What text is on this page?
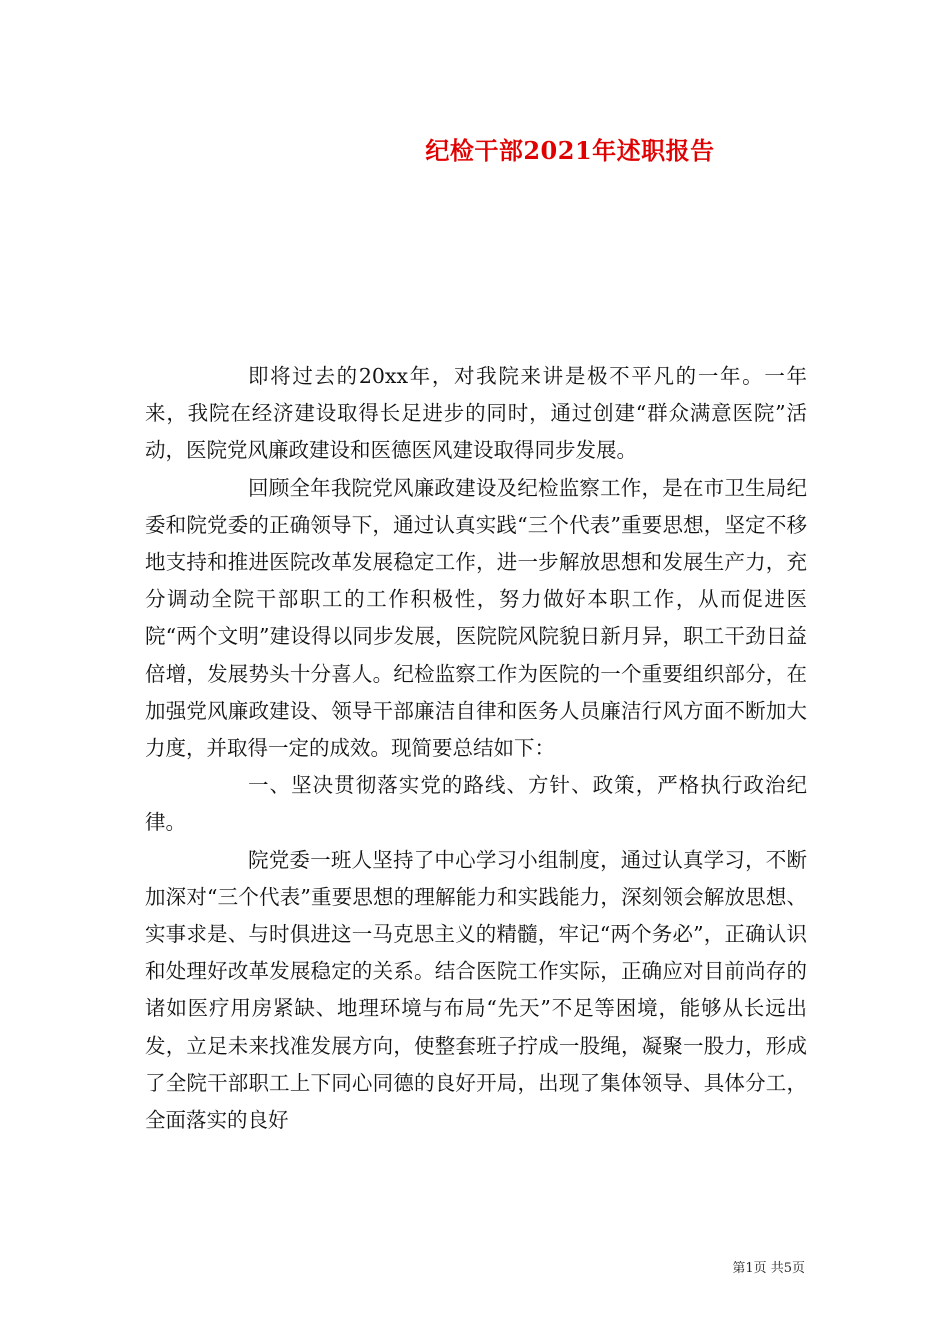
纪检干部2021年述职报告

即将过去的20xx年，对我院来讲是极不平凡的一年。一年来，我院在经济建设取得长足进步的同时，通过创建“群众满意医院”活动，医院党风廉政建设和医德医风建设取得同步发展。

回顾全年我院党风廉政建设及纪检监察工作，是在市卫生局纪委和院党委的正确领导下，通过认真实践“三个代表”重要思想，坚定不移地支持和推进医院改革发展稳定工作，进一步解放思想和发展生产力，充分调动全院干部职工的工作积极性，努力做好本职工作，从而促进医院“两个文明”建设得以同步发展，医院院风院貌日新月异，职工干劲日益倍增，发展势头十分喜人。纪检监察工作为医院的一个重要组织部分，在加强党风廉政建设、领导干部廉洁自律和医务人员廉洁行风方面不断加大力度，并取得一定的成效。现简要总结如下：

一、坚决贯彻落实党的路线、方针、政策，严格执行政治纪律。

院党委一班人坚持了中心学习小组制度，通过认真学习，不断加深对“三个代表”重要思想的理解能力和实践能力，深刻领会解放思想、实事求是、与时俱进这一马克思主义的精髓，牢记“两个务必”，正确认识和处理好改革发展稳定的关系。结合医院工作实际，正确应对目前尚存的诸如医疗用房紧缺、地理环境与布局“先天”不足等困境，能够从长远出发，立足未来找准发展方向，使整套班子拧成一股绳，凝聚一股力，形成了全院干部职工上下同心同德的良好开局，出现了集体领导、具体分工，全面落实的良好

第1页 共5页
